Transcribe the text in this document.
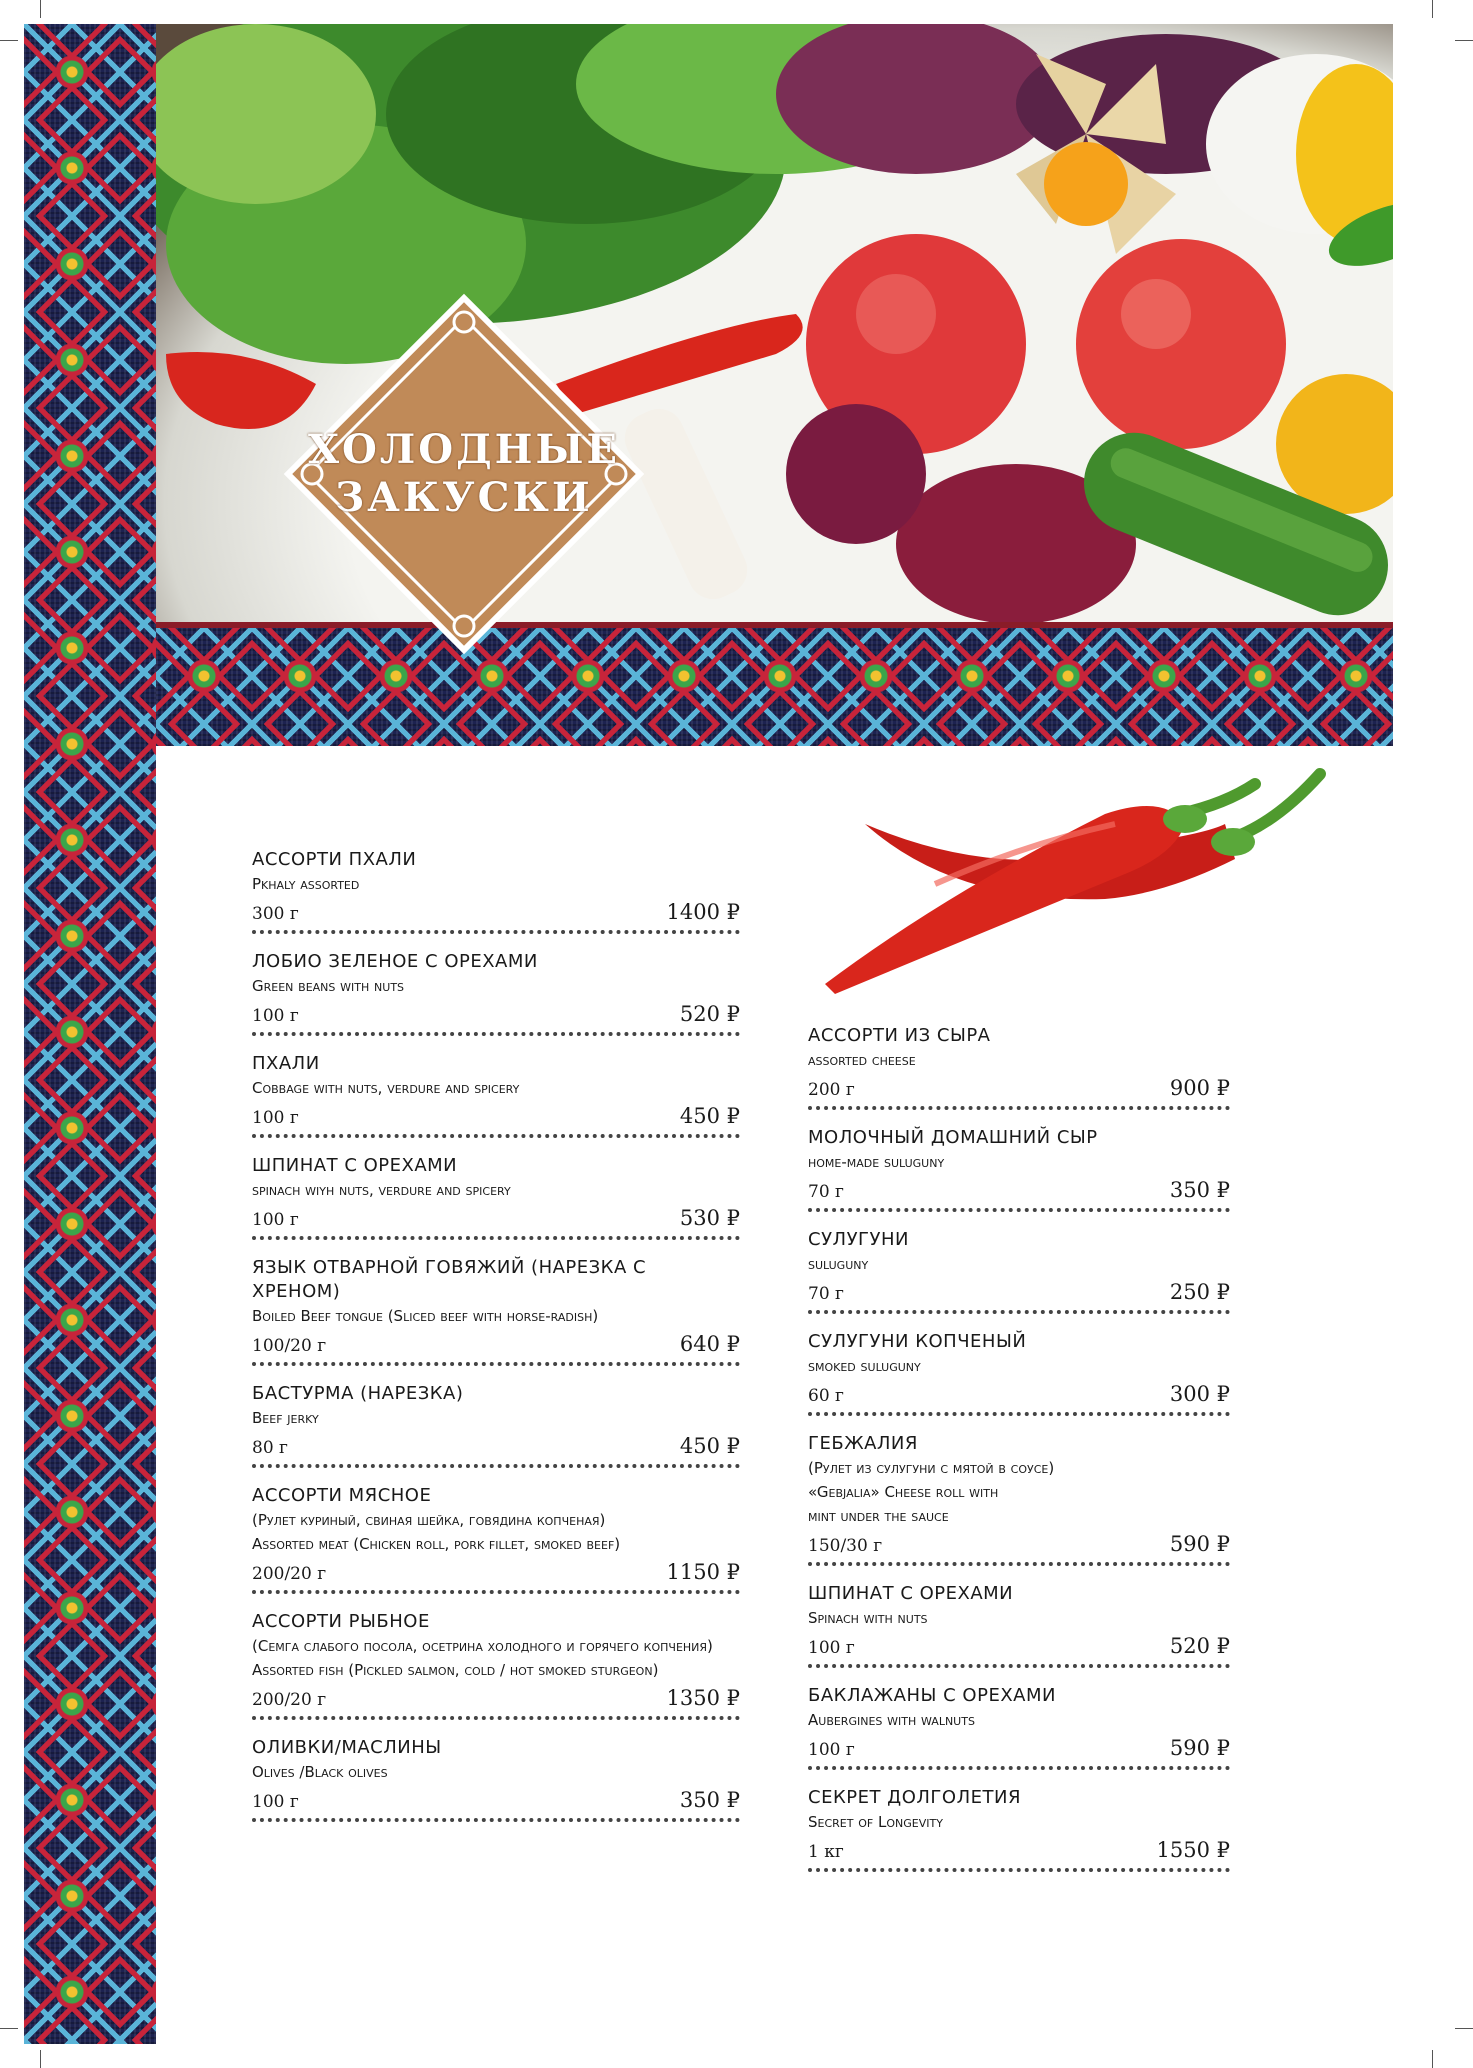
ХОЛОДНЫЕ
ЗАКУСКИ
АССОРТИ ПХАЛИ
Pkhaly assorted
300 г	1400 ₽
ЛОБИО ЗЕЛЕНОЕ С ОРЕХАМИ
Green beans with nuts
100 г	520 ₽
ПХАЛИ
Cobbage with nuts, verdure and spicery
100 г	450 ₽
ШПИНАТ С ОРЕХАМИ
spinach wiyh nuts, verdure and spicery
100 г	530 ₽
ЯЗЫК ОТВАРНОЙ ГОВЯЖИЙ (НАРЕЗКА С ХРЕНОМ)
Boiled Beef tongue (Sliced beef with horse-radish)
100/20 г	640 ₽
БАСТУРМА (НАРЕЗКА)
Beef jerky
80 г	450 ₽
АССОРТИ МЯСНОЕ
(Рулет куриный, свиная шейка, говядина копченая)
Assorted meat (Chicken roll, pork fillet, smoked beef)
200/20 г	1150 ₽
АССОРТИ РЫБНОЕ
(Семга слабого посола, осетрина холодного и горячего копчения)
Assorted fish (Pickled salmon, cold / hot smoked sturgeon)
200/20 г	1350 ₽
ОЛИВКИ/МАСЛИНЫ
Olives /Black olives
100 г	350 ₽
АССОРТИ ИЗ СЫРА
assorted cheese
200 г	900 ₽
МОЛОЧНЫЙ ДОМАШНИЙ СЫР
home-made suluguny
70 г	350 ₽
СУЛУГУНИ
suluguny
70 г	250 ₽
СУЛУГУНИ КОПЧЕНЫЙ
smoked suluguny
60 г	300 ₽
ГЕБЖАЛИЯ
(Рулет из сулугуни с мятой в соусе)
«Gebjalia» Cheese roll with
mint under the sauce
150/30 г	590 ₽
ШПИНАТ С ОРЕХАМИ
Spinach with nuts
100 г	520 ₽
БАКЛАЖАНЫ С ОРЕХАМИ
Aubergines with walnuts
100 г	590 ₽
СЕКРЕТ ДОЛГОЛЕТИЯ
Secret of Longevity
1 кг	1550 ₽
